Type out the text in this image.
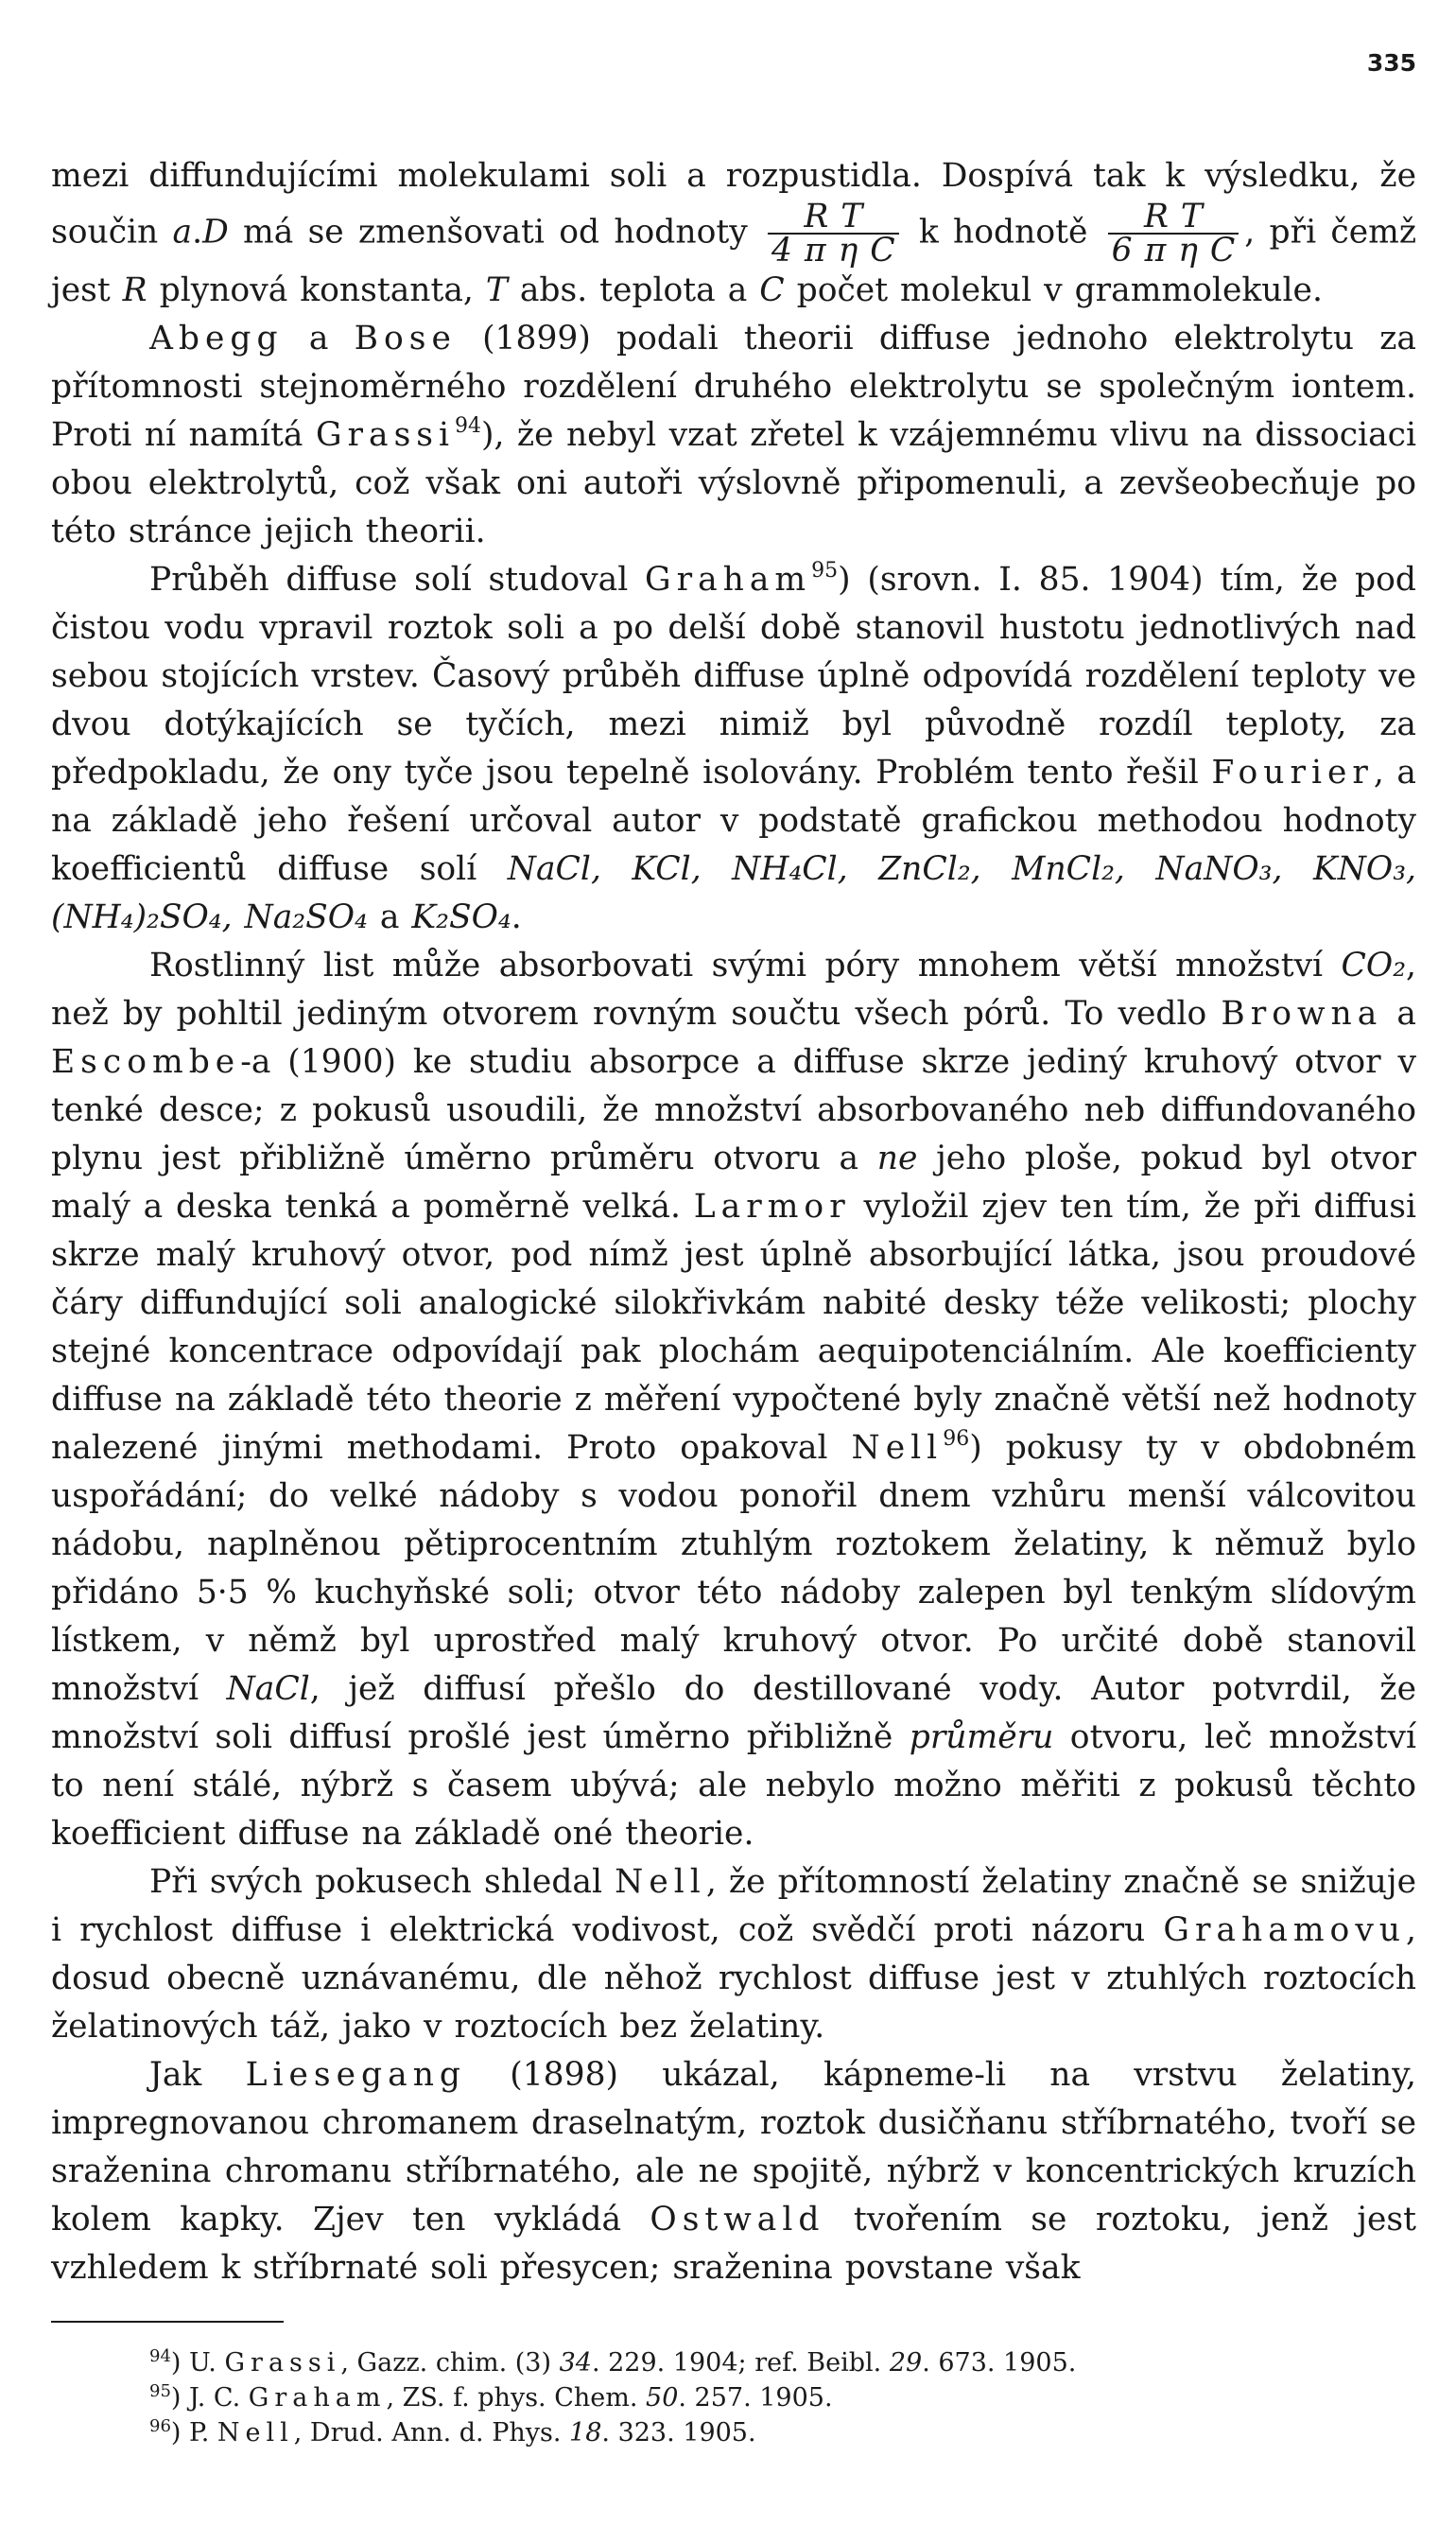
335

mezi diffundujícími molekulami soli a rozpustidla. Dospívá tak k výsledku, že součin a.D má se zmenšovati od hodnoty $\frac{\text{R T}}{\text{4 π η C}}$ k hodnotě $\frac{\text{R T}}{\text{6 π η C}}$ , při čemž jest R plynová konstanta, T abs. teplota a C počet molekul v grammolekule.

Abegg a Bose (1899) podali theorii diffuse jednoho elektrolytu za přítomnosti stejnoměrného rozdělení druhého elektrolytu se společným iontem. Proti ní namítá Grassi$^{94}$), že nebyl vzat zřetel k vzájemnému vlivu na dissociaci obou elektrolytů, což však oni autoři výslovně připomenuli, a zevšeobecňuje po této stránce jejich theorii.

Průběh diffuse solí studoval Graham$^{95}$) (srovn. I. 85. 1904) tím, že pod čistou vodu vpravil roztok soli a po delší době stanovil hustotu jednotlivých nad sebou stojících vrstev. Časový průběh diffuse úplně odpovídá rozdělení teploty ve dvou dotýkajících se tyčích, mezi nimiž byl původně rozdíl teploty, za předpokladu, že ony tyče jsou tepelně isolovány. Problém tento řešil Fourier, a na základě jeho řešení určoval autor v podstatě grafickou methodou hodnoty koefficientů diffuse solí NaCl, KCl, NH₄Cl, ZnCl₂, MnCl₂, NaNO₃, KNO₃, (NH₄)₂SO₄, Na₂SO₄ a K₂SO₄.

Rostlinný list může absorbovati svými póry mnohem větší množství CO₂, než by pohltil jediným otvorem rovným součtu všech pórů. To vedlo Browna a Escombe-a (1900) ke studiu absorpce a diffuse skrze jediný kruhový otvor v tenké desce; z pokusů usoudili, že množství absorbovaného neb diffundovaného plynu jest přibližně úměrno průměru otvoru a ne jeho ploše, pokud byl otvor malý a deska tenká a poměrně velká. Larmor vyložil zjev ten tím, že při diffusi skrze malý kruhový otvor, pod nímž jest úplně absorbující látka, jsou proudové čáry diffundující soli analogické silokřivkám nabité desky téže velikosti; plochy stejné koncentrace odpovídají pak plochám aequipotenciálním. Ale koefficienty diffuse na základě této theorie z měření vypočtené byly značně větší než hodnoty nalezené jinými methodami. Proto opakoval Nell$^{96}$) pokusy ty v obdobném uspořádání; do velké nádoby s vodou ponořil dnem vzhůru menší válcovitou nádobu, naplněnou pětiprocentním ztuhlým roztokem želatiny, k němuž bylo přidáno 5·5 % kuchyňské soli; otvor této nádoby zalepen byl tenkým slídovým lístkem, v němž byl uprostřed malý kruhový otvor. Po určité době stanovil množství NaCl, jež diffusí přešlo do destillované vody. Autor potvrdil, že množství soli diffusí prošlé jest úměrno přibližně průměru otvoru, leč množství to není stálé, nýbrž s časem ubývá; ale nebylo možno měřiti z pokusů těchto koefficient diffuse na základě oné theorie.

Při svých pokusech shledal Nell, že přítomností želatiny značně se snižuje i rychlost diffuse i elektrická vodivost, což svědčí proti názoru Grahamovu, dosud obecně uznávanému, dle něhož rychlost diffuse jest v ztuhlých roztocích želatinových táž, jako v roztocích bez želatiny.

Jak Liesegang (1898) ukázal, kápneme-li na vrstvu želatiny, impregnovanou chromanem draselnatým, roztok dusičňanu stříbrnatého, tvoří se sraženina chromanu stříbrnatého, ale ne spojitě, nýbrž v koncentrických kruzích kolem kapky. Zjev ten vykládá Ostwald tvořením se roztoku, jenž jest vzhledem k stříbrnaté soli přesycen; sraženina povstane však

$^{94}$) U. Grassi, Gazz. chim. (3) 34. 229. 1904; ref. Beibl. 29. 673. 1905.

$^{95}$) J. C. Graham, ZS. f. phys. Chem. 50. 257. 1905.

$^{96}$) P. Nell, Drud. Ann. d. Phys. 18. 323. 1905.
